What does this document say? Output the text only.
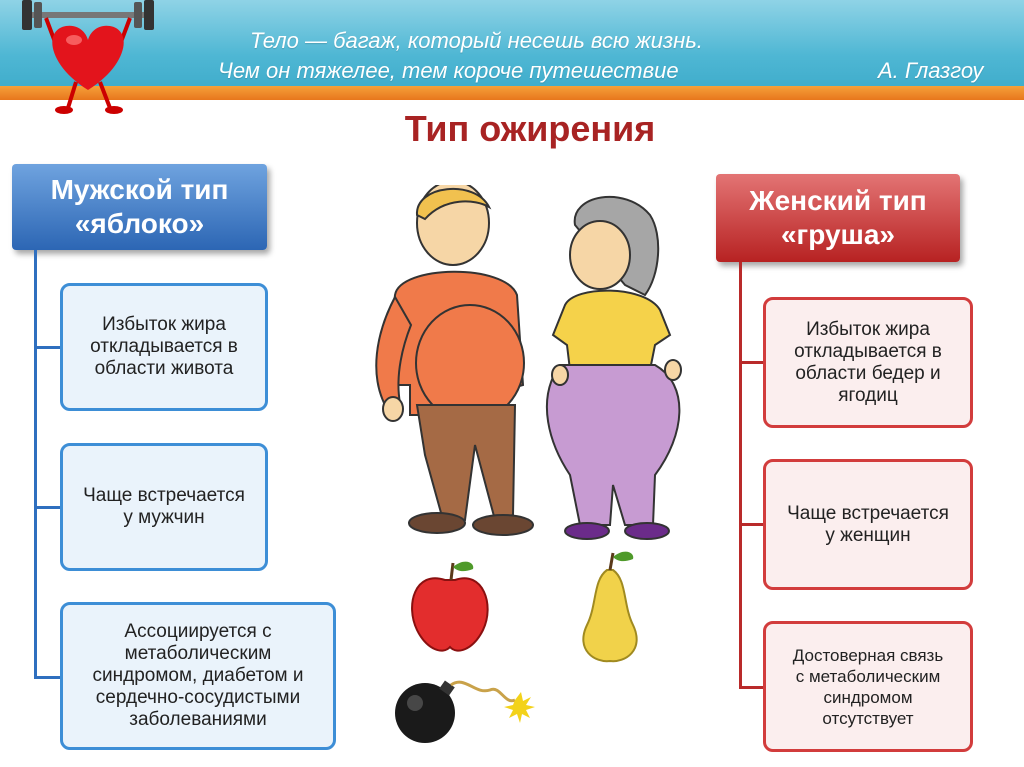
Тело — багаж, который несешь всю жизнь.
Чем он тяжелее, тем короче путешествие	А. Глазгоу
Тип ожирения
Мужской тип
«яблоко»
Избыток жира
откладывается в
области живота
Чаще встречается
у мужчин
Ассоциируется с
метаболическим
синдромом, диабетом и
сердечно-сосудистыми
заболеваниями
Женский тип
«груша»
Избыток жира
откладывается в
области бедер и
ягодиц
Чаще встречается
у женщин
Достоверная связь
с метаболическим
синдромом
отсутствует
